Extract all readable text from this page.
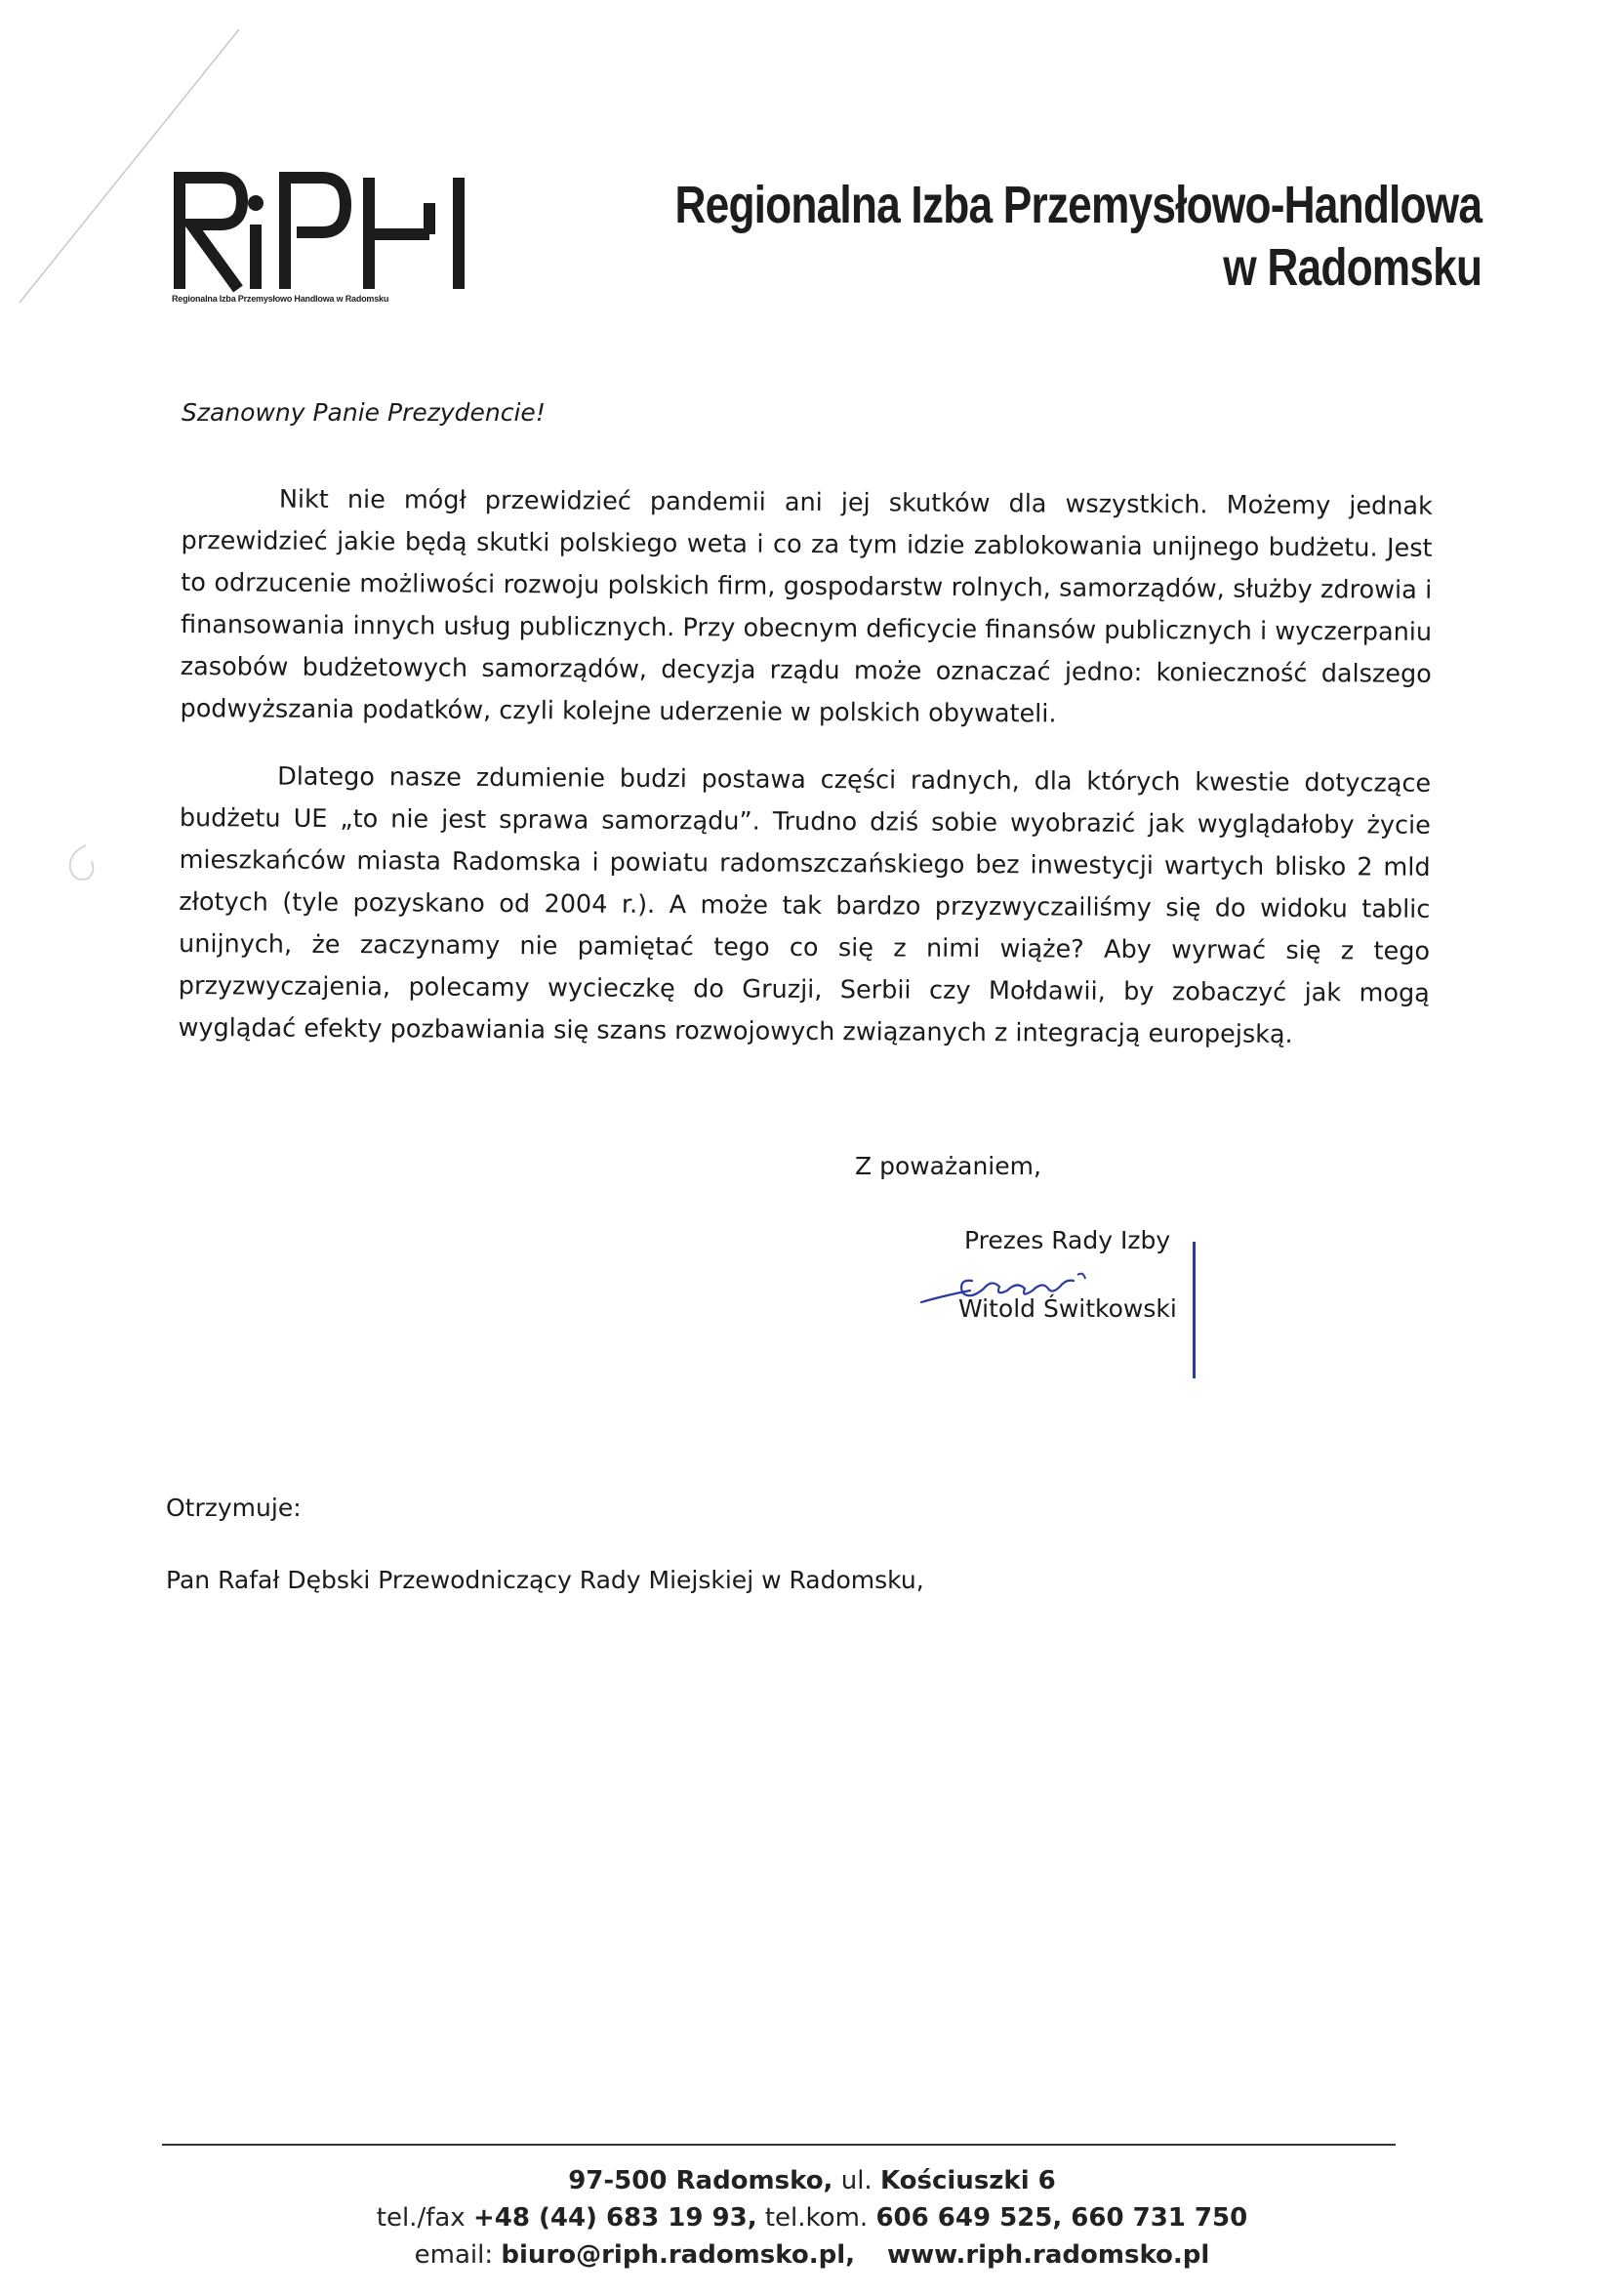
Regionalna Izba Przemysłowo Handlowa w Radomsku
Regionalna Izba Przemysłowo-Handlowa
w Radomsku
Szanowny Panie Prezydencie!

Nikt nie mógł przewidzieć pandemii ani jej skutków dla wszystkich. Możemy jednak przewidzieć jakie będą skutki polskiego weta i co za tym idzie zablokowania unijnego budżetu. Jest to odrzucenie możliwości rozwoju polskich firm, gospodarstw rolnych, samorządów, służby zdrowia i finansowania innych usług publicznych. Przy obecnym deficycie finansów publicznych i wyczerpaniu zasobów budżetowych samorządów, decyzja rządu może oznaczać jedno: konieczność dalszego podwyższania podatków, czyli kolejne uderzenie w polskich obywateli.

Dlatego nasze zdumienie budzi postawa części radnych, dla których kwestie dotyczące budżetu UE „to nie jest sprawa samorządu”. Trudno dziś sobie wyobrazić jak wyglądałoby życie mieszkańców miasta Radomska i powiatu radomszczańskiego bez inwestycji wartych blisko 2 mld złotych (tyle pozyskano od 2004 r.). A może tak bardzo przyzwyczailiśmy się do widoku tablic unijnych, że zaczynamy nie pamiętać tego co się z nimi wiąże? Aby wyrwać się z tego przyzwyczajenia, polecamy wycieczkę do Gruzji, Serbii czy Mołdawii, by zobaczyć jak mogą wyglądać efekty pozbawiania się szans rozwojowych związanych z integracją europejską.

Z poważaniem,
Prezes Rady Izby
Witold Świtkowski
Otrzymuje:
Pan Rafał Dębski Przewodniczący Rady Miejskiej w Radomsku,
97-500 Radomsko, ul. Kościuszki 6
tel./fax +48 (44) 683 19 93, tel.kom. 606 649 525, 660 731 750
email: biuro@riph.radomsko.pl, www.riph.radomsko.pl
